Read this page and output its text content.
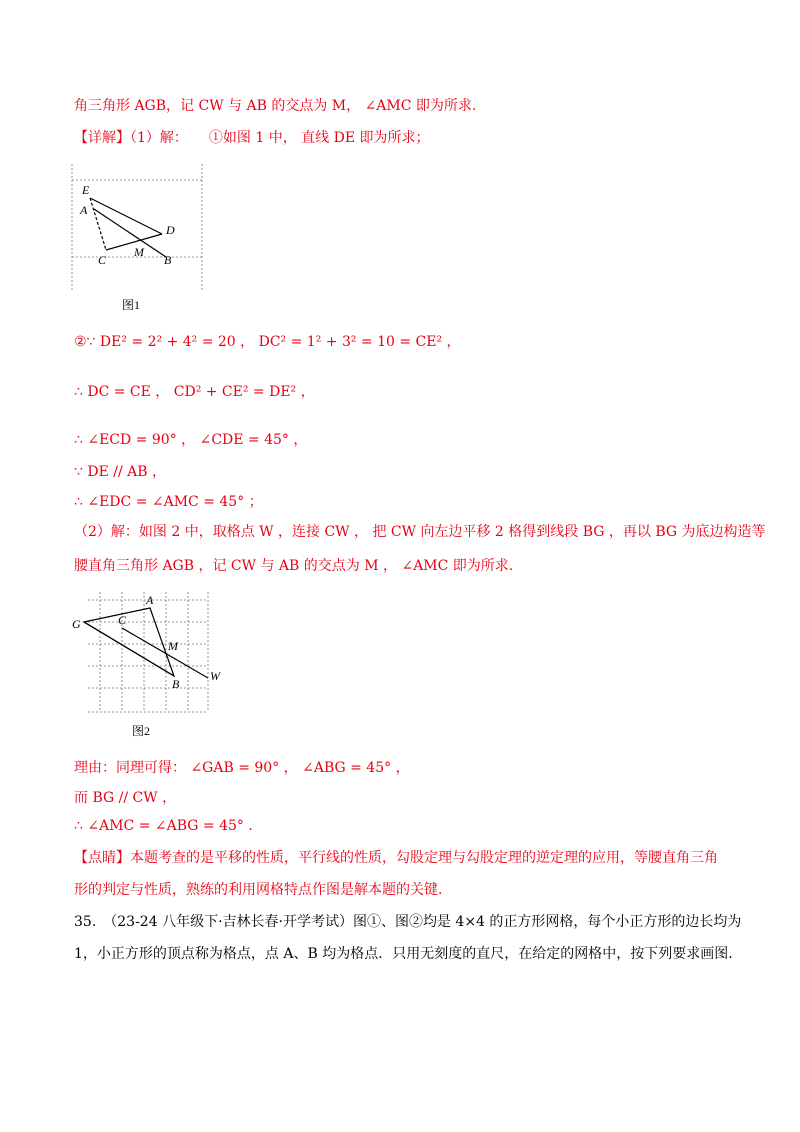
角三角形 AGB，记 CW 与 AB 的交点为 M， ∠AMC 即为所求.
【详解】（1）解：　　①如图 1 中， 直线 DE 即为所求；
E
A
D
C
M
B
图1
②∵ DE² = 2² + 4² = 20 ， DC² = 1² + 3² = 10 = CE² ，
∴ DC = CE ， CD² + CE² = DE² ，
∴ ∠ECD = 90° ， ∠CDE = 45° ，
∵ DE // AB ，
∴ ∠EDC = ∠AMC = 45° ；
（2）解：如图 2 中，取格点 W ，连接 CW ， 把 CW 向左边平移 2 格得到线段 BG ，再以 BG 为底边构造等
腰直角三角形 AGB ，记 CW 与 AB 的交点为 M ， ∠AMC 即为所求.
G
A
C
M
B
W
图2
理由：同理可得： ∠GAB = 90° ， ∠ABG = 45° ，
而 BG // CW ，
∴ ∠AMC = ∠ABG = 45° .
【点睛】本题考查的是平移的性质，平行线的性质，勾股定理与勾股定理的逆定理的应用，等腰直角三角
形的判定与性质，熟练的利用网格特点作图是解本题的关键.
35.　（23-24 八年级下·吉林长春·开学考试）图①、图②均是 4×4 的正方形网格，每个小正方形的边长均为
1，小正方形的顶点称为格点，点 A、B 均为格点．只用无刻度的直尺，在给定的网格中，按下列要求画图．
